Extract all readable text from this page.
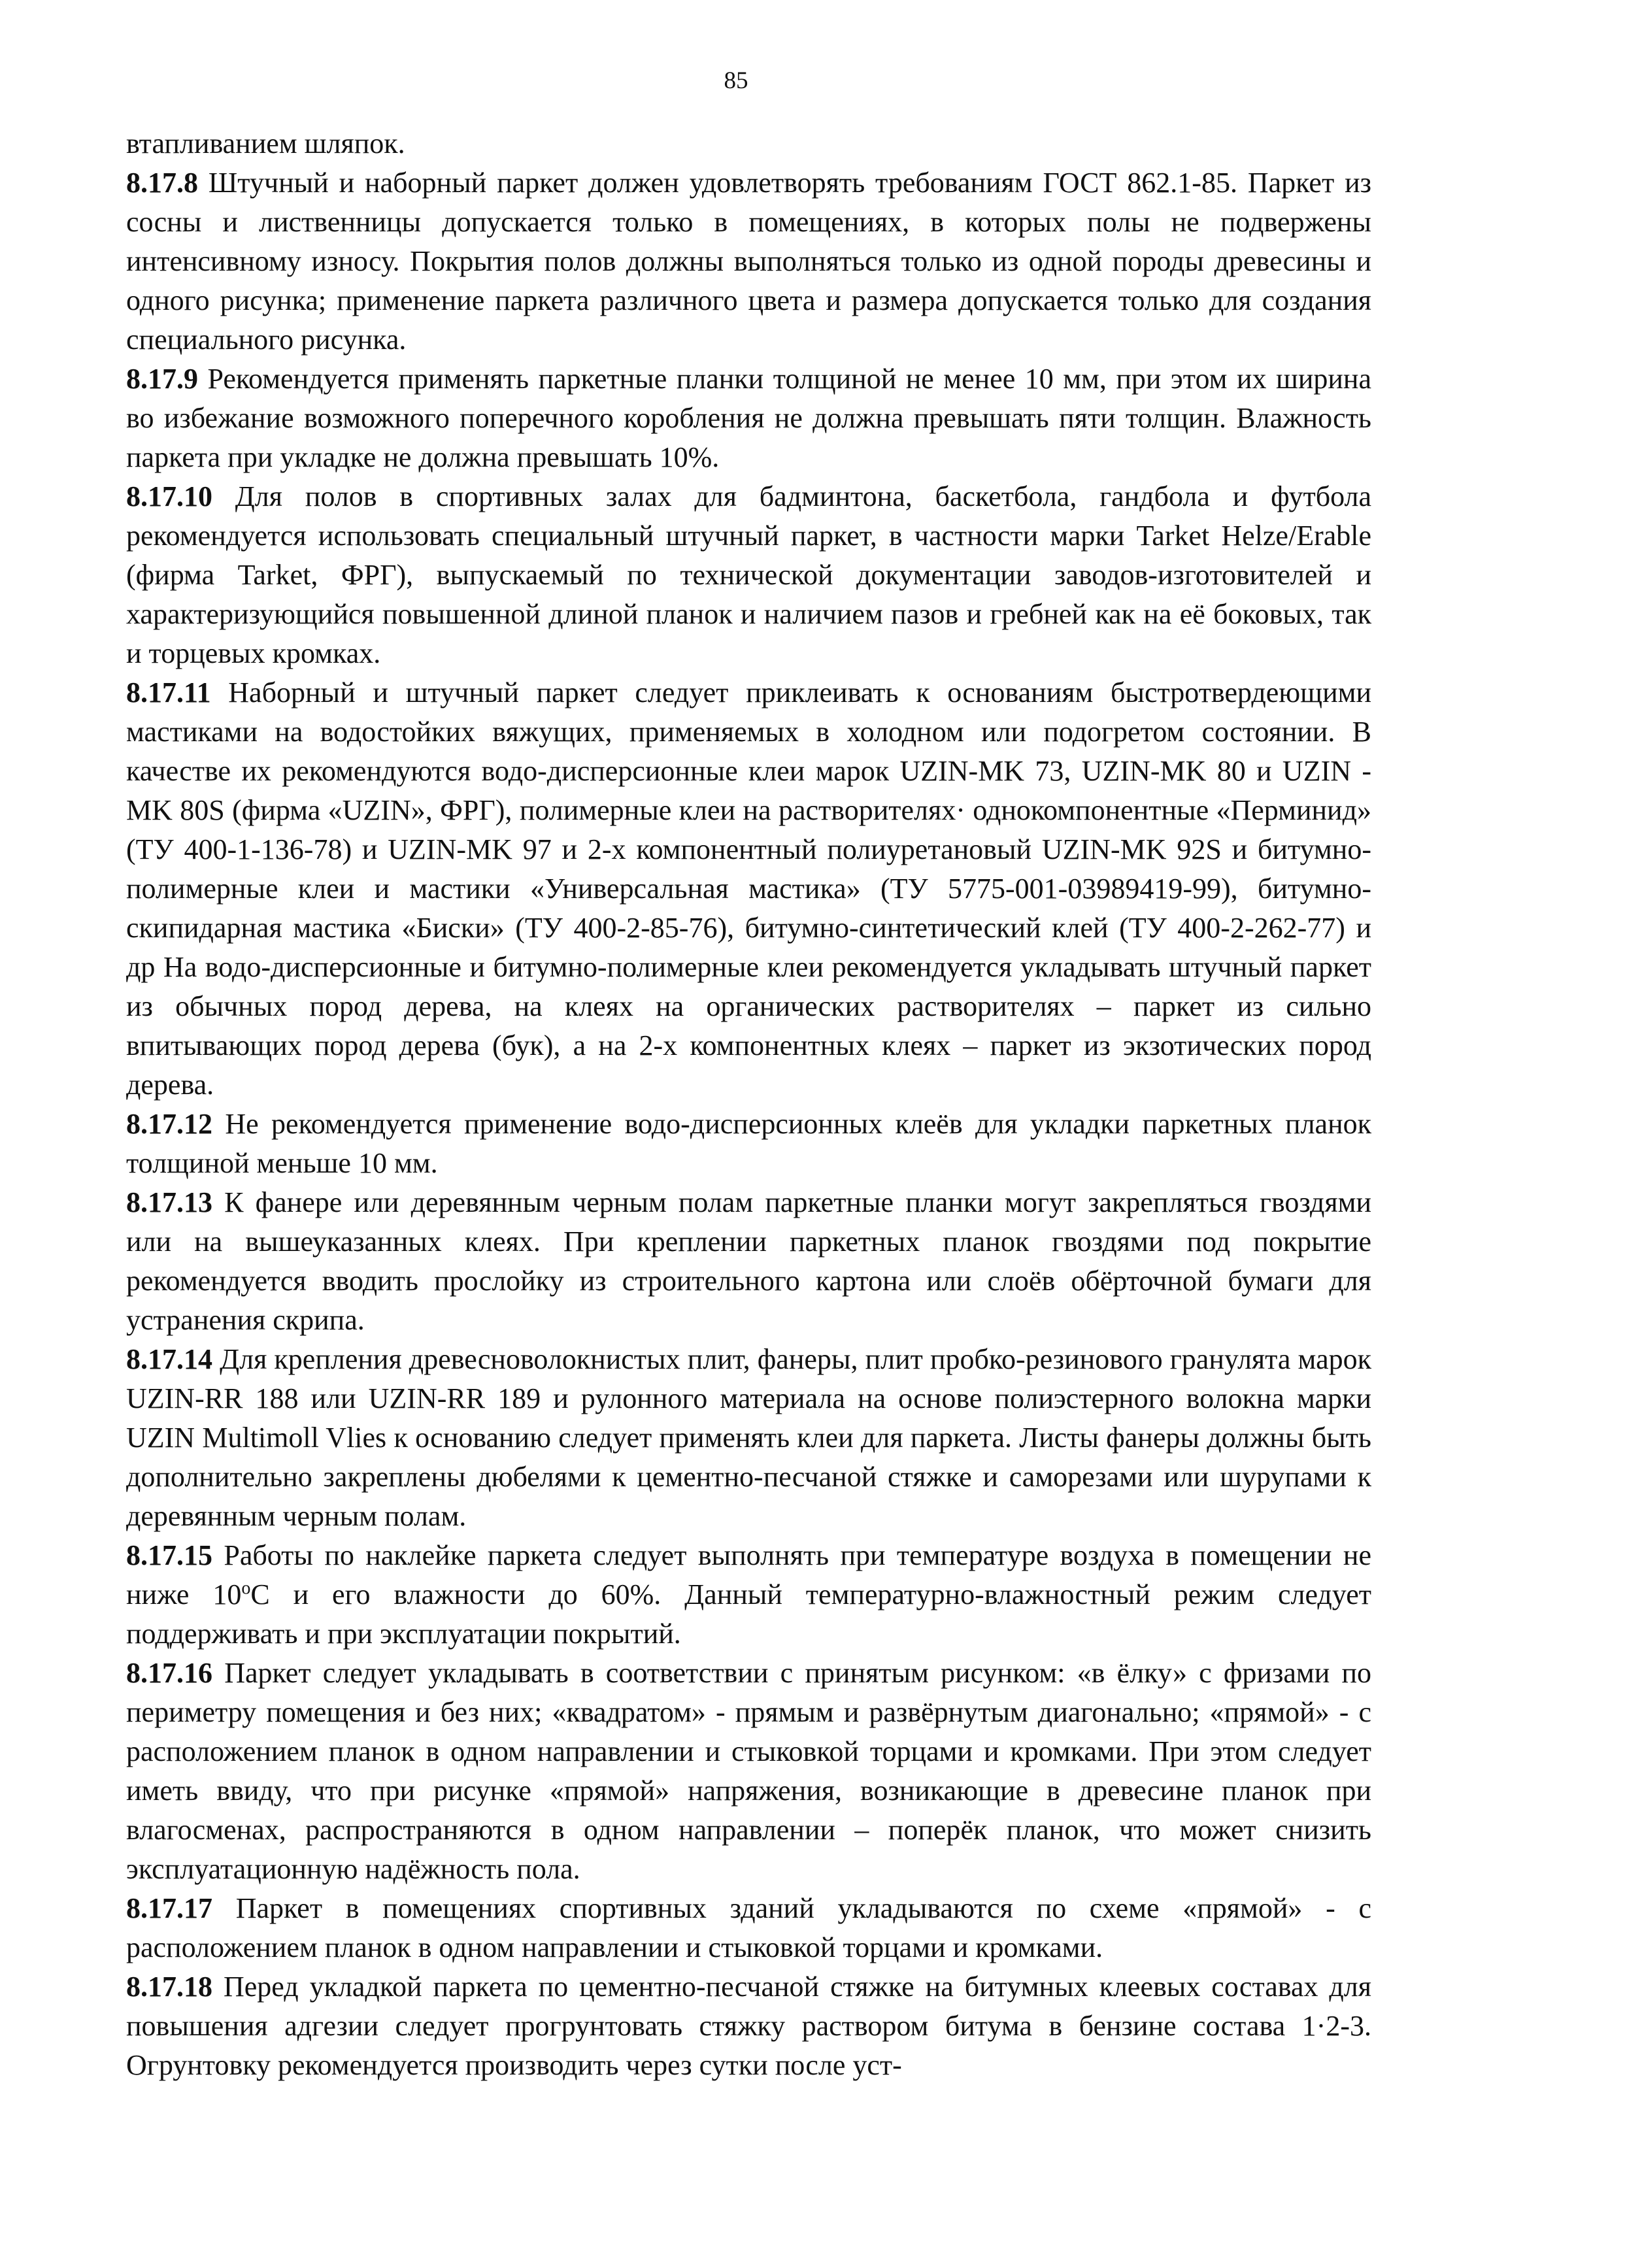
85

втапливанием шляпок.

8.17.8 Штучный и наборный паркет должен удовлетворять требованиям ГОСТ 862.1-85. Паркет из сосны и лиственницы допускается только в помещениях, в которых полы не подвержены интенсивному износу. Покрытия полов должны выполняться только из одной породы древесины и одного рисунка; применение паркета различного цвета и размера допускается только для создания специального рисунка.

8.17.9 Рекомендуется применять паркетные планки толщиной не менее 10 мм, при этом их ширина во избежание возможного поперечного коробления не должна превышать пяти толщин. Влажность паркета при укладке не должна превышать 10%.

8.17.10 Для полов в спортивных залах для бадминтона, баскетбола, гандбола и футбола рекомендуется использовать специальный штучный паркет, в частности марки Tarket Helze/Erable (фирма Tarket, ФРГ), выпускаемый по технической документации заводов-изготовителей и характеризующийся повышенной длиной планок и наличием пазов и гребней как на её боковых, так и торцевых кромках.

8.17.11 Наборный и штучный паркет следует приклеивать к основаниям быстротвердеющими мастиками на водостойких вяжущих, применяемых в холодном или подогретом состоянии. В качестве их рекомендуются водо-дисперсионные клеи марок UZIN-MK 73, UZIN-MK 80 и UZIN -MK 80S (фирма «UZIN», ФРГ), полимерные клеи на растворителях· однокомпонентные «Перминид» (ТУ 400-1-136-78) и UZIN-MK 97 и 2-х компонентный полиуретановый UZIN-MK 92S и битумно-полимерные клеи и мастики «Универсальная мастика» (ТУ 5775-001-03989419-99), битумно-скипидарная мастика «Биски» (ТУ 400-2-85-76), битумно-синтетический клей (ТУ 400-2-262-77) и др На водо-дисперсионные и битумно-полимерные клеи рекомендуется укладывать штучный паркет из обычных пород дерева, на клеях на органических растворителях – паркет из сильно впитывающих пород дерева (бук), а на 2-х компонентных клеях – паркет из экзотических пород дерева.

8.17.12 Не рекомендуется применение водо-дисперсионных клеёв для укладки паркетных планок толщиной меньше 10 мм.

8.17.13 К фанере или деревянным черным полам паркетные планки могут закрепляться гвоздями или на вышеуказанных клеях. При креплении паркетных планок гвоздями под покрытие рекомендуется вводить прослойку из строительного картона или слоёв обёрточной бумаги для устранения скрипа.

8.17.14 Для крепления древесноволокнистых плит, фанеры, плит пробко-резинового гранулята марок UZIN-RR 188 или UZIN-RR 189 и рулонного материала на основе полиэстерного волокна марки UZIN Multimoll Vlies к основанию следует применять клеи для паркета. Листы фанеры должны быть дополнительно закреплены дюбелями к цементно-песчаной стяжке и саморезами или шурупами к деревянным черным полам.

8.17.15 Работы по наклейке паркета следует выполнять при температуре воздуха в помещении не ниже $10^оС$ и его влажности до 60%. Данный температурно-влажностный режим следует поддерживать и при эксплуатации покрытий.

8.17.16 Паркет следует укладывать в соответствии с принятым рисунком: «в ёлку» с фризами по периметру помещения и без них; «квадратом» - прямым и развёрнутым диагонально; «прямой» - с расположением планок в одном направлении и стыковкой торцами и кромками. При этом следует иметь ввиду, что при рисунке «прямой» напряжения, возникающие в древесине планок при влагосменах, распространяются в одном направлении – поперёк планок, что может снизить эксплуатационную надёжность пола.

8.17.17 Паркет в помещениях спортивных зданий укладываются по схеме «прямой» - с расположением планок в одном направлении и стыковкой торцами и кромками.

8.17.18 Перед укладкой паркета по цементно-песчаной стяжке на битумных клеевых составах для повышения адгезии следует прогрунтовать стяжку раствором битума в бензине состава 1·2-3. Огрунтовку рекомендуется производить через сутки после уст-
